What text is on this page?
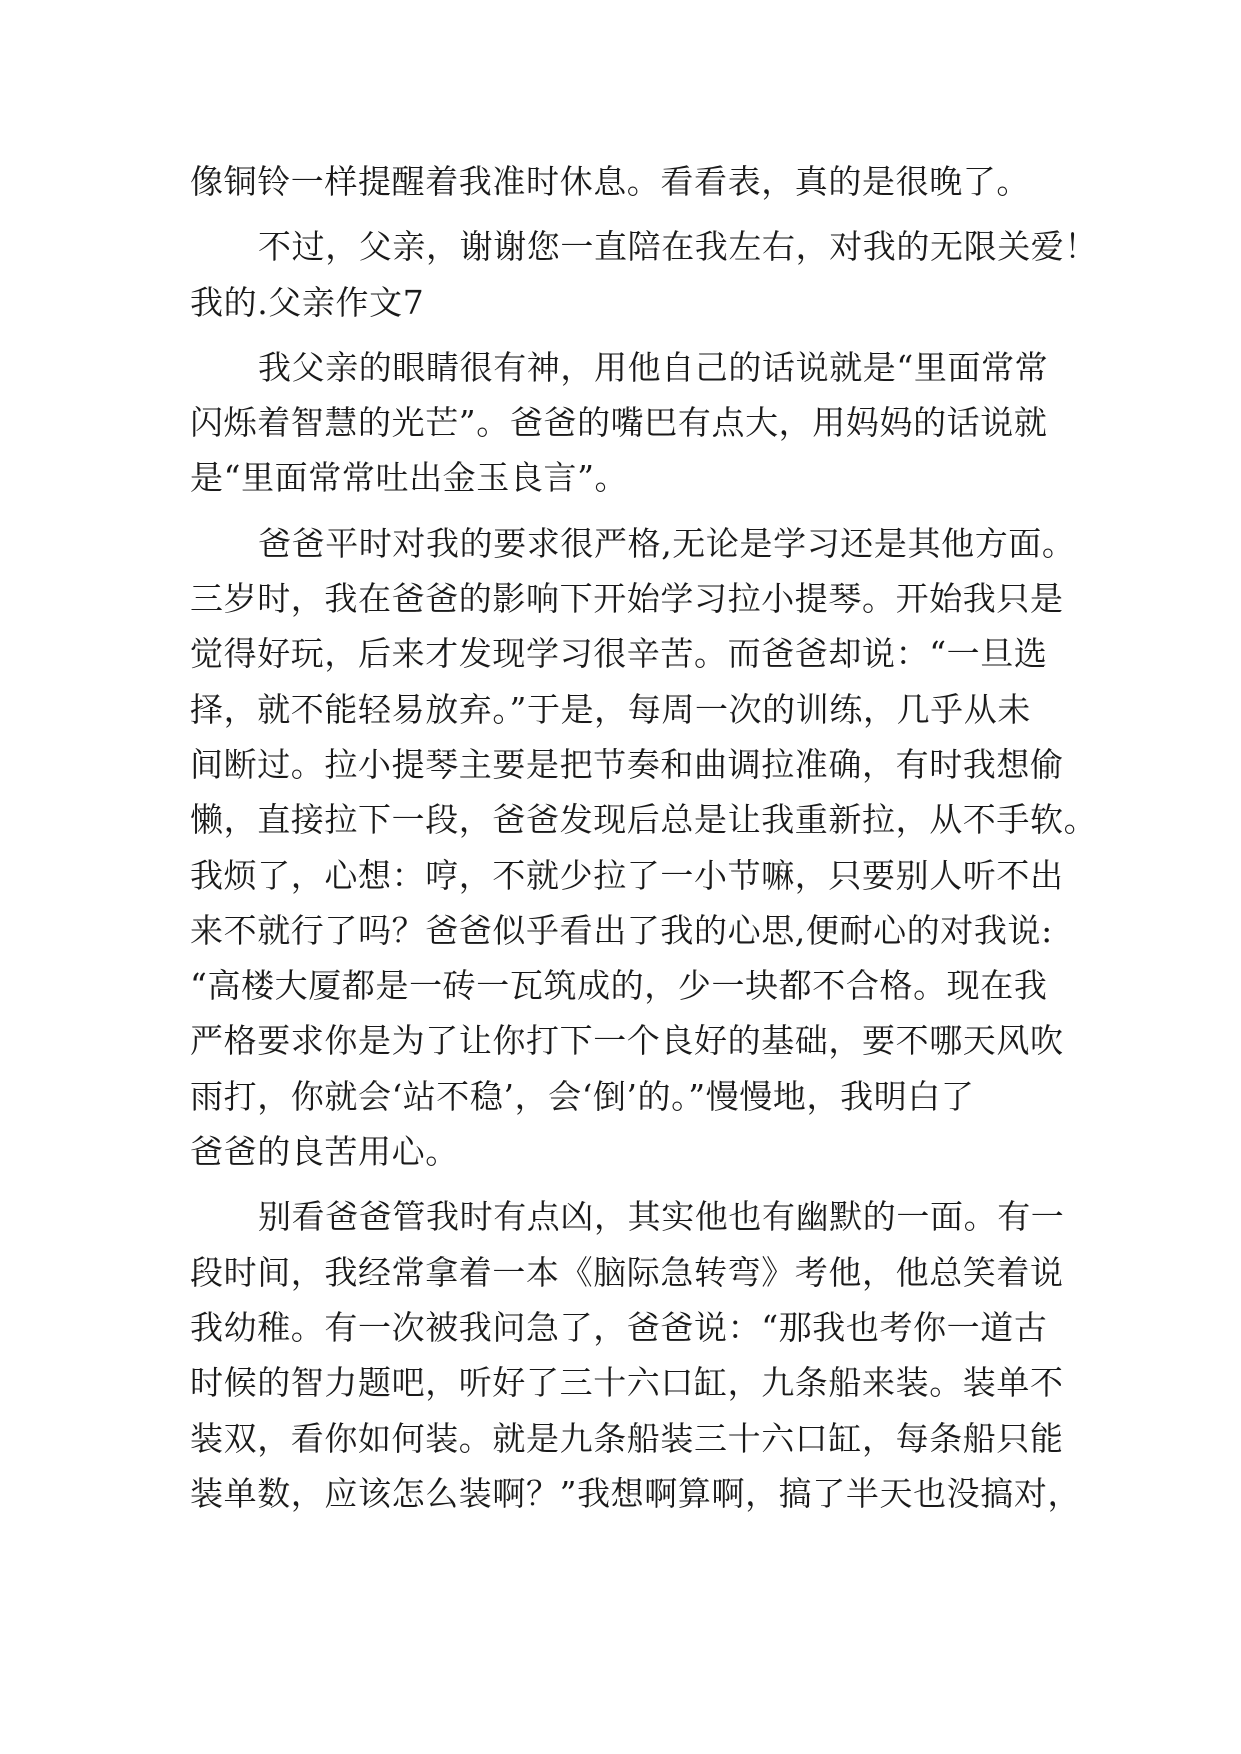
像铜铃一样提醒着我准时休息。看看表，真的是很晚了。
不过，父亲，谢谢您一直陪在我左右，对我的无限关爱！
我的.父亲作文7
我父亲的眼睛很有神，用他自己的话说就是“里面常常
闪烁着智慧的光芒”。爸爸的嘴巴有点大，用妈妈的话说就
是“里面常常吐出金玉良言”。
爸爸平时对我的要求很严格,无论是学习还是其他方面。
三岁时，我在爸爸的影响下开始学习拉小提琴。开始我只是
觉得好玩，后来才发现学习很辛苦。而爸爸却说：“一旦选
择，就不能轻易放弃。”于是，每周一次的训练，几乎从未
间断过。拉小提琴主要是把节奏和曲调拉准确，有时我想偷
懒，直接拉下一段，爸爸发现后总是让我重新拉，从不手软。
我烦了，心想：哼，不就少拉了一小节嘛，只要别人听不出
来不就行了吗？爸爸似乎看出了我的心思,便耐心的对我说:
“高楼大厦都是一砖一瓦筑成的，少一块都不合格。现在我
严格要求你是为了让你打下一个良好的基础，要不哪天风吹
雨打，你就会‘站不稳’，会‘倒’的。”慢慢地，我明白了
爸爸的良苦用心。
别看爸爸管我时有点凶，其实他也有幽默的一面。有一
段时间，我经常拿着一本《脑际急转弯》考他，他总笑着说
我幼稚。有一次被我问急了，爸爸说：“那我也考你一道古
时候的智力题吧，听好了三十六口缸，九条船来装。装单不
装双，看你如何装。就是九条船装三十六口缸，每条船只能
装单数，应该怎么装啊？”我想啊算啊，搞了半天也没搞对，
